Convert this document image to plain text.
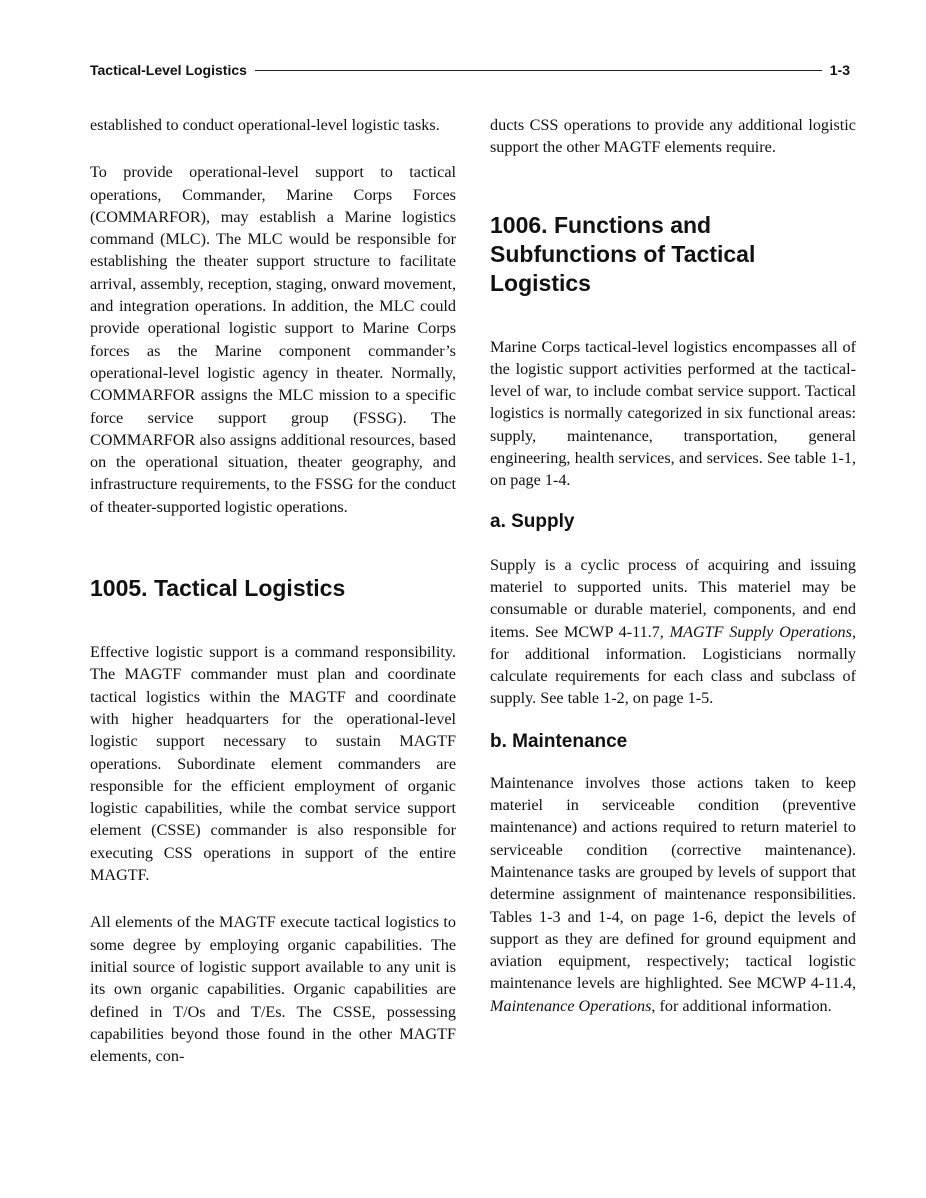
Tactical-Level Logistics	1-3

established to conduct operational-level logistic tasks.

To provide operational-level support to tactical operations, Commander, Marine Corps Forces (COMMARFOR), may establish a Marine logistics command (MLC). The MLC would be responsible for establishing the theater support structure to facilitate arrival, assembly, reception, staging, onward movement, and integration operations. In addition, the MLC could provide operational logistic support to Marine Corps forces as the Marine component commander’s operational-level logistic agency in theater. Normally, COMMARFOR assigns the MLC mission to a specific force service support group (FSSG). The COMMARFOR also assigns additional resources, based on the operational situation, theater geography, and infrastructure requirements, to the FSSG for the conduct of theater-supported logistic operations.

1005. Tactical Logistics

Effective logistic support is a command responsibility. The MAGTF commander must plan and coordinate tactical logistics within the MAGTF and coordinate with higher headquarters for the operational-level logistic support necessary to sustain MAGTF operations. Subordinate element commanders are responsible for the efficient employment of organic logistic capabilities, while the combat service support element (CSSE) commander is also responsible for executing CSS operations in support of the entire MAGTF.

All elements of the MAGTF execute tactical logistics to some degree by employing organic capabilities. The initial source of logistic support available to any unit is its own organic capabilities. Organic capabilities are defined in T/Os and T/Es. The CSSE, possessing capabilities beyond those found in the other MAGTF elements, con-

ducts CSS operations to provide any additional logistic support the other MAGTF elements require.

1006. Functions and
Subfunctions of Tactical
Logistics

Marine Corps tactical-level logistics encompasses all of the logistic support activities performed at the tactical-level of war, to include combat service support. Tactical logistics is normally categorized in six functional areas: supply, maintenance, transportation, general engineering, health services, and services. See table 1-1, on page 1-4.

a. Supply

Supply is a cyclic process of acquiring and issuing materiel to supported units. This materiel may be consumable or durable materiel, components, and end items. See MCWP 4-11.7, MAGTF Supply Operations, for additional information. Logisticians normally calculate requirements for each class and subclass of supply. See table 1-2, on page 1-5.

b. Maintenance

Maintenance involves those actions taken to keep materiel in serviceable condition (preventive maintenance) and actions required to return materiel to serviceable condition (corrective maintenance). Maintenance tasks are grouped by levels of support that determine assignment of maintenance responsibilities. Tables 1-3 and 1-4, on page 1-6, depict the levels of support as they are defined for ground equipment and aviation equipment, respectively; tactical logistic maintenance levels are highlighted. See MCWP 4-11.4, Maintenance Operations, for additional information.
